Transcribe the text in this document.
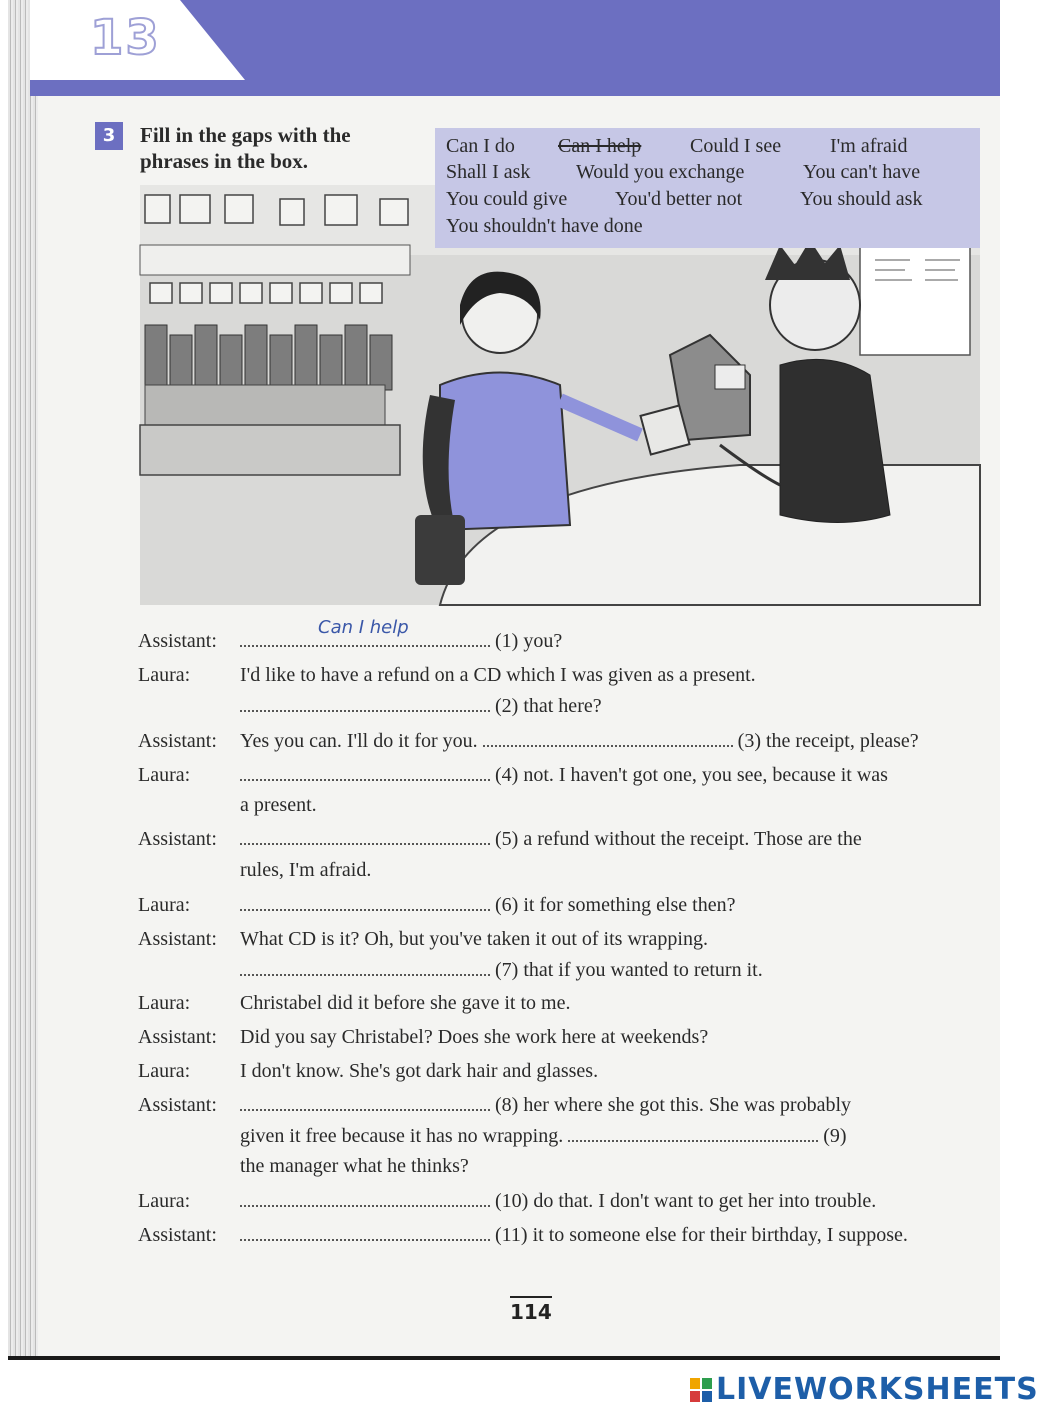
13
3	Fill in the gaps with the phrases in the box.
Can I do Can I help Could I see I'm afraid
Shall I ask Would you exchange	You can't have
You could give You'd better not	You should ask
You shouldn't have done
Assistant:
Can I help
(1) you?
Laura: I'd like to have a refund on a CD which I was given as a present.
(2) that here?
Assistant: Yes you can. I'll do it for you.	(3) the receipt, please?
Laura:	(4) not. I haven't got one, you see, because it was
a present.
Assistant:	(5) a refund without the receipt. Those are the
rules, I'm afraid.
Laura:	(6) it for something else then?
Assistant: What CD is it? Oh, but you've taken it out of its wrapping.
(7) that if you wanted to return it.
Laura: Christabel did it before she gave it to me.
Assistant: Did you say Christabel? Does she work here at weekends?
Laura: I don't know. She's got dark hair and glasses.
Assistant:	(8) her where she got this. She was probably
given it free because it has no wrapping.	(9)
the manager what he thinks?
Laura:	(10) do that. I don't want to get her into trouble.
Assistant:	(11) it to someone else for their birthday, I suppose.
114
LIVEWORKSHEETS
